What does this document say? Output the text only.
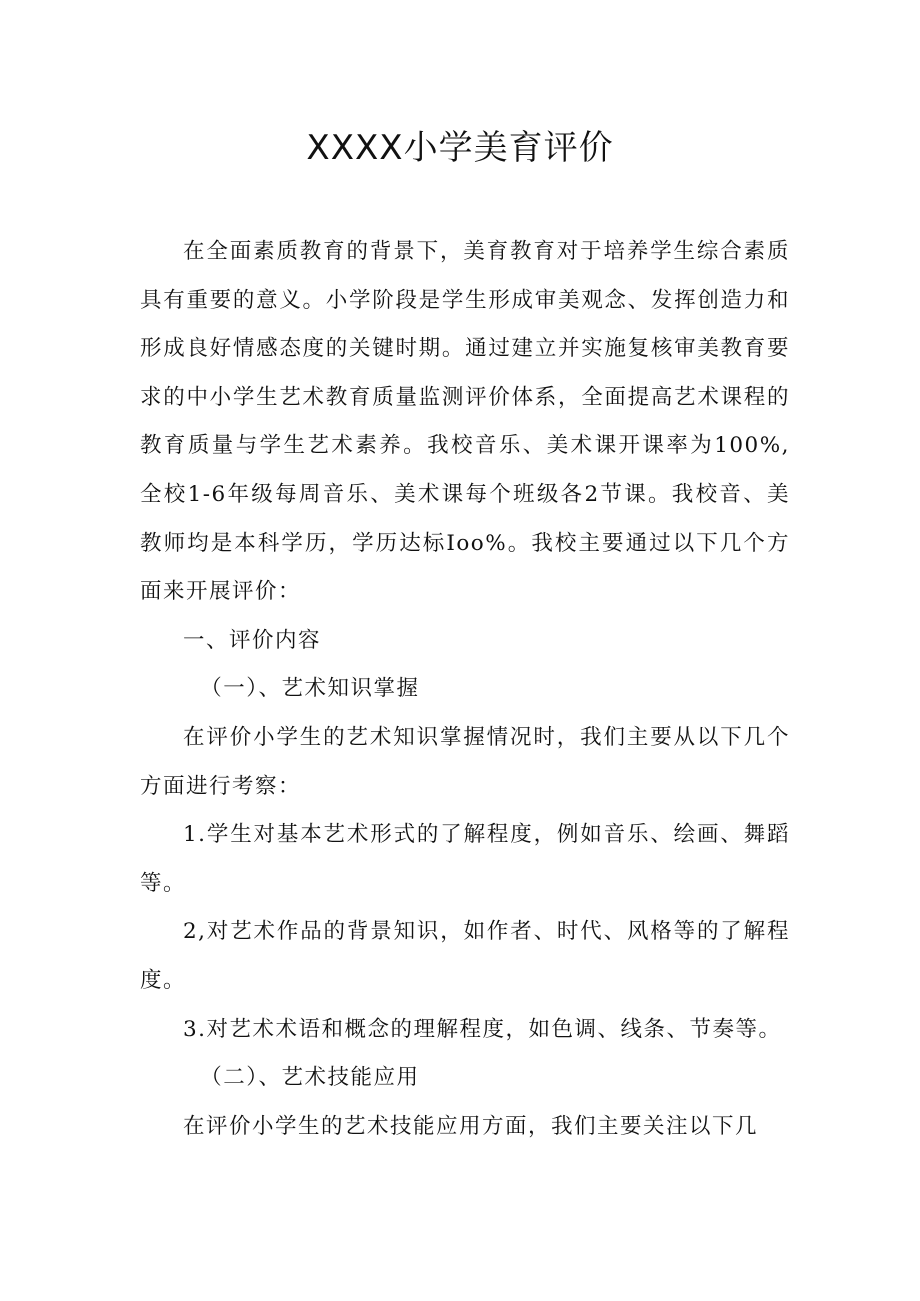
XXXX小学美育评价

在全面素质教育的背景下，美育教育对于培养学生综合素质具有重要的意义。小学阶段是学生形成审美观念、发挥创造力和形成良好情感态度的关键时期。通过建立并实施复核审美教育要求的中小学生艺术教育质量监测评价体系，全面提高艺术课程的教育质量与学生艺术素养。我校音乐、美术课开课率为100%,全校1-6年级每周音乐、美术课每个班级各2节课。我校音、美教师均是本科学历，学历达标Ioo%。我校主要通过以下几个方面来开展评价：

一、评价内容

（一）、艺术知识掌握

在评价小学生的艺术知识掌握情况时，我们主要从以下几个方面进行考察：

1.学生对基本艺术形式的了解程度，例如音乐、绘画、舞蹈等。

2,对艺术作品的背景知识，如作者、时代、风格等的了解程度。

3.对艺术术语和概念的理解程度，如色调、线条、节奏等。

（二）、艺术技能应用

在评价小学生的艺术技能应用方面，我们主要关注以下几
